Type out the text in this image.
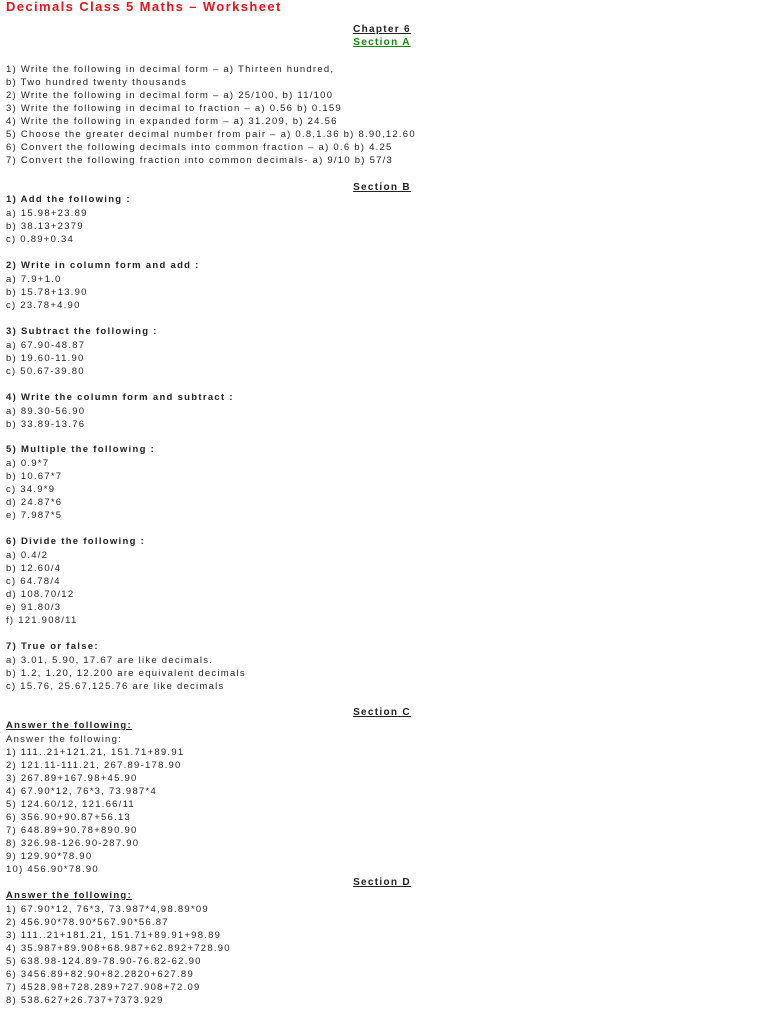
Decimals Class 5 Maths – Worksheet
Chapter 6
Section A
1) Write the following in decimal form – a) Thirteen hundred,
b) Two hundred twenty thousands
2) Write the following in decimal form – a) 25/100, b) 11/100
3) Write the following in decimal to fraction – a) 0.56 b) 0.159
4) Write the following in expanded form – a) 31.209, b) 24.56
5) Choose the greater decimal number from pair – a) 0.8,1.36 b) 8.90,12.60
6) Convert the following decimals into common fraction – a) 0.6 b) 4.25
7) Convert the following fraction into common decimals- a) 9/10 b) 57/3
Section B
1) Add the following :
a) 15.98+23.89
b) 38.13+2379
c) 0.89+0.34
2) Write in column form and add :
a) 7.9+1.0
b) 15.78+13.90
c) 23.78+4.90
3) Subtract the following :
a) 67.90-48.87
b) 19.60-11.90
c) 50.67-39.80
4) Write the column form and subtract :
a) 89.30-56.90
b) 33.89-13.76
5) Multiple the following :
a) 0.9*7
b) 10.67*7
c) 34.9*9
d) 24.87*6
e) 7.987*5
6) Divide the following :
a) 0.4/2
b) 12.60/4
c) 64.78/4
d) 108.70/12
e) 91.80/3
f) 121.908/11
7) True or false:
a) 3.01, 5.90, 17.67 are like decimals.
b) 1.2, 1.20, 12.200 are equivalent decimals
c) 15.76, 25.67,125.76 are like decimals
Section C
Answer the following:
Answer the following:
1) 111..21+121.21, 151.71+89.91
2) 121.11-111.21, 267.89-178.90
3) 267.89+167.98+45.90
4) 67.90*12, 76*3, 73.987*4
5) 124.60/12, 121.66/11
6) 356.90+90.87+56.13
7) 648.89+90.78+890.90
8) 326.98-126.90-287.90
9) 129.90*78.90
10) 456.90*78.90
Section D
Answer the following:
1) 67.90*12, 76*3, 73.987*4,98.89*09
2) 456.90*78.90*567.90*56.87
3) 111..21+181.21, 151.71+89.91+98.89
4) 35.987+89.908+68.987+62.892+728.90
5) 638.98-124.89-78.90-76.82-62.90
6) 3456.89+82.90+82.2820+627.89
7) 4528.98+728.289+727.908+72.09
8) 538.627+26.737+7373.929
